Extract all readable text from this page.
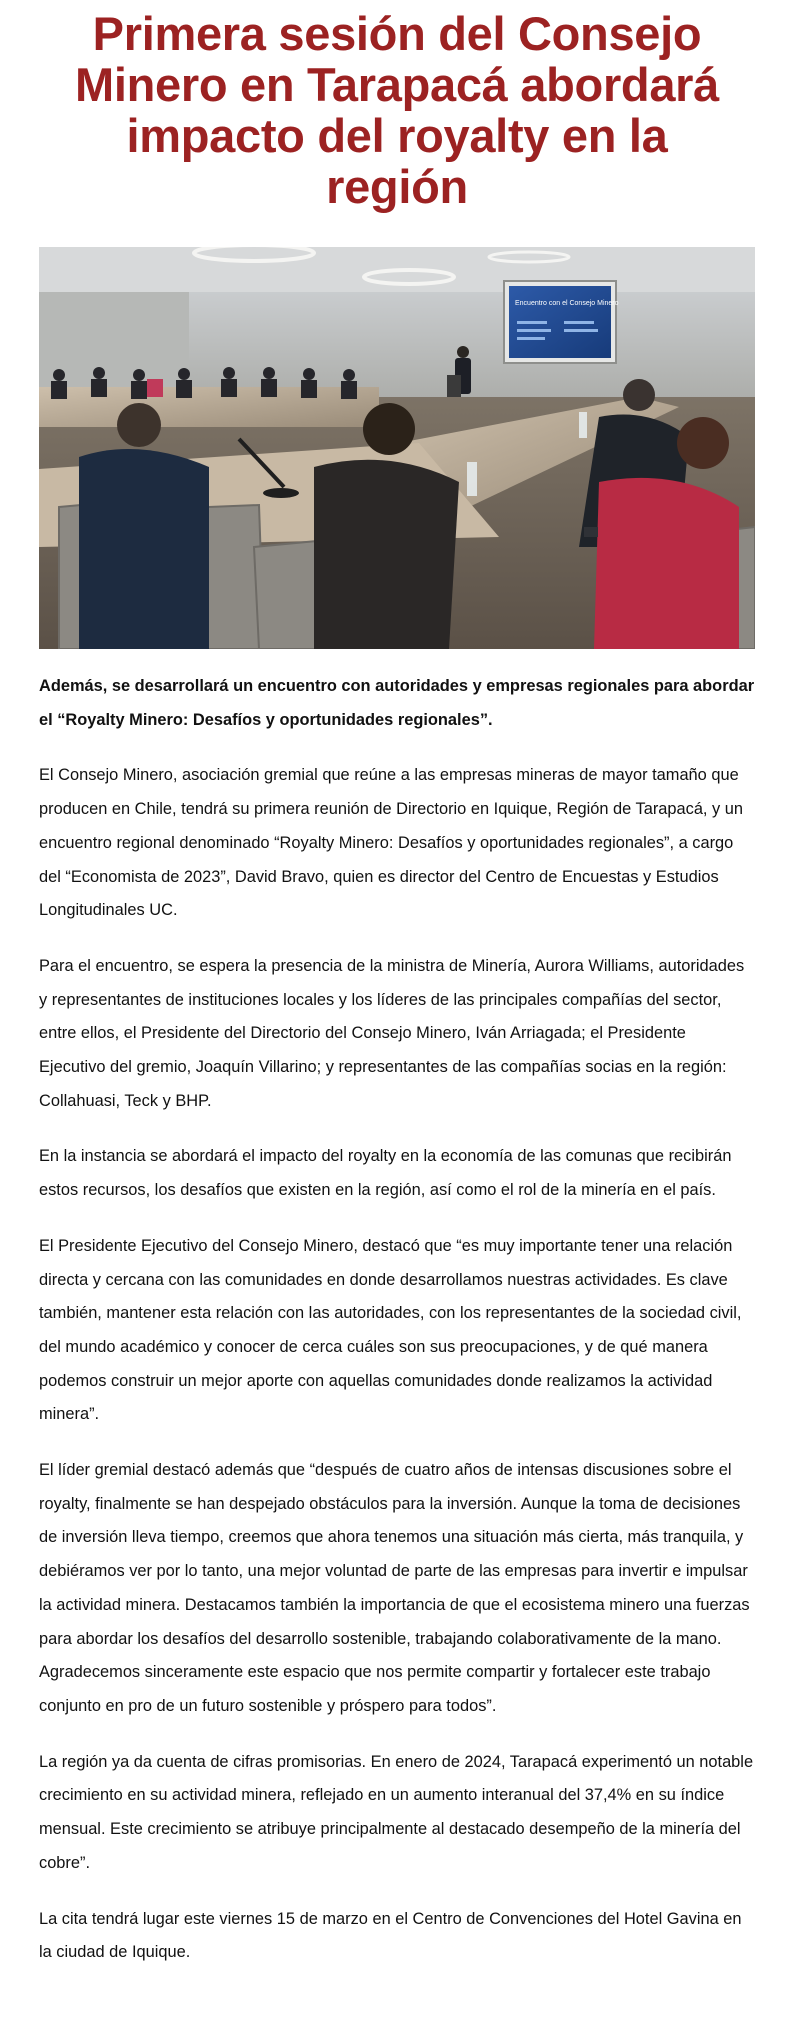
Primera sesión del Consejo Minero en Tarapacá abordará impacto del royalty en la región
Encuentro con el Consejo Minero

Además, se desarrollará un encuentro con autoridades y empresas regionales para abordar el “Royalty Minero: Desafíos y oportunidades regionales”.

El Consejo Minero, asociación gremial que reúne a las empresas mineras de mayor tamaño que producen en Chile, tendrá su primera reunión de Directorio en Iquique, Región de Tarapacá, y un encuentro regional denominado “Royalty Minero: Desafíos y oportunidades regionales”, a cargo del “Economista de 2023”, David Bravo, quien es director del Centro de Encuestas y Estudios Longitudinales UC.

Para el encuentro, se espera la presencia de la ministra de Minería, Aurora Williams, autoridades y representantes de instituciones locales y los líderes de las principales compañías del sector, entre ellos, el Presidente del Directorio del Consejo Minero, Iván Arriagada; el Presidente Ejecutivo del gremio, Joaquín Villarino; y representantes de las compañías socias en la región: Collahuasi, Teck y BHP.

En la instancia se abordará el impacto del royalty en la economía de las comunas que recibirán estos recursos, los desafíos que existen en la región, así como el rol de la minería en el país.

El Presidente Ejecutivo del Consejo Minero, destacó que “es muy importante tener una relación directa y cercana con las comunidades en donde desarrollamos nuestras actividades. Es clave también, mantener esta relación con las autoridades, con los representantes de la sociedad civil, del mundo académico y conocer de cerca cuáles son sus preocupaciones, y de qué manera podemos construir un mejor aporte con aquellas comunidades donde realizamos la actividad minera”.

El líder gremial destacó además que “después de cuatro años de intensas discusiones sobre el royalty, finalmente se han despejado obstáculos para la inversión. Aunque la toma de decisiones de inversión lleva tiempo, creemos que ahora tenemos una situación más cierta, más tranquila, y debiéramos ver por lo tanto, una mejor voluntad de parte de las empresas para invertir e impulsar la actividad minera. Destacamos también la importancia de que el ecosistema minero una fuerzas para abordar los desafíos del desarrollo sostenible, trabajando colaborativamente de la mano. Agradecemos sinceramente este espacio que nos permite compartir y fortalecer este trabajo conjunto en pro de un futuro sostenible y próspero para todos”.

La región ya da cuenta de cifras promisorias. En enero de 2024, Tarapacá experimentó un notable crecimiento en su actividad minera, reflejado en un aumento interanual del 37,4% en su índice mensual. Este crecimiento se atribuye principalmente al destacado desempeño de la minería del cobre”.

La cita tendrá lugar este viernes 15 de marzo en el Centro de Convenciones del Hotel Gavina en la ciudad de Iquique.
